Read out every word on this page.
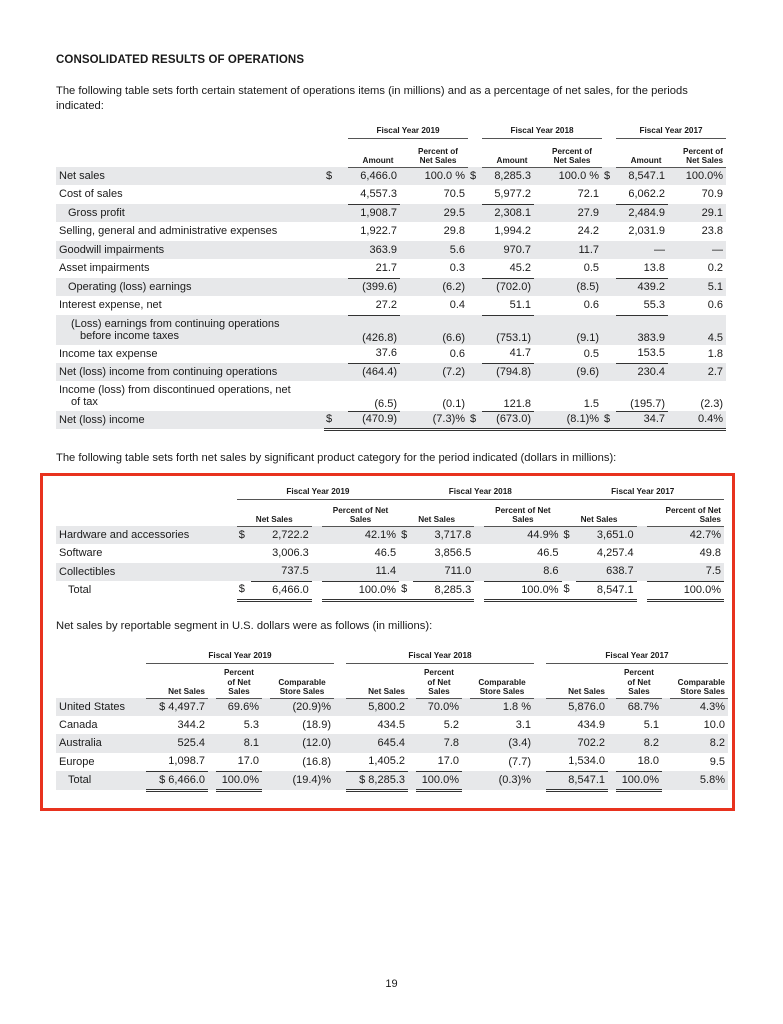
CONSOLIDATED RESULTS OF OPERATIONS
The following table sets forth certain statement of operations items (in millions) and as a percentage of net sales, for the periods indicated:
			Fiscal Year 2019				Fiscal Year 2018				Fiscal Year 2017		
			Amount		Percent of Net Sales		Amount		Percent of Net Sales		Amount		Percent of Net Sales
Net sales	$		6,466.0		100.0 %	$	8,285.3		100.0 %	$	8,547.1		100.0%
Cost of sales			4,557.3		70.5		5,977.2		72.1		6,062.2		70.9
Gross profit			1,908.7		29.5		2,308.1		27.9		2,484.9		29.1
Selling, general and administrative expenses			1,922.7		29.8		1,994.2		24.2		2,031.9		23.8
Goodwill impairments			363.9		5.6		970.7		11.7		—		—
Asset impairments			21.7		0.3		45.2		0.5		13.8		0.2
Operating (loss) earnings			(399.6)		(6.2)		(702.0)		(8.5)		439.2		5.1
Interest expense, net			27.2		0.4		51.1		0.6		55.3		0.6

(Loss) earnings from continuing operations
before income taxes			(426.8)		(6.6)		(753.1)		(9.1)		383.9		4.5
Income tax expense			37.6		0.6		41.7		0.5		153.5		1.8
Net (loss) income from continuing operations			(464.4)		(7.2)		(794.8)		(9.6)		230.4		2.7

Income (loss) from discontinued operations, net
of tax			(6.5)		(0.1)		121.8		1.5		(195.7)		(2.3)
Net (loss) income	$		(470.9)		(7.3)%	$	(673.0)		(8.1)%	$	34.7		0.4%
The following table sets forth net sales by significant product category for the period indicated (dollars in millions):
	Fiscal Year 2019				Fiscal Year 2018				Fiscal Year 2017			
	Net Sales			Percent of Net Sales	Net Sales			Percent of Net Sales	Net Sales			Percent of Net Sales
Hardware and accessories	$	2,722.2		42.1%	$	3,717.8		44.9%	$	3,651.0		42.7%
Software		3,006.3		46.5		3,856.5		46.5		4,257.4		49.8
Collectibles		737.5		11.4		711.0		8.6		638.7		7.5
Total	$	6,466.0		100.0%	$	8,285.3		100.0%	$	8,547.1		100.0%
Net sales by reportable segment in U.S. dollars were as follows (in millions):
	Fiscal Year 2019						Fiscal Year 2018						Fiscal Year 2017				
	Net Sales		Percent of Net Sales		Comparable Store Sales		Net Sales		Percent of Net Sales		Comparable Store Sales		Net Sales		Percent of Net Sales		Comparable Store Sales
United States	$ 4,497.7		69.6%		(20.9)%		5,800.2		70.0%		1.8 %		5,876.0		68.7%		4.3%
Canada	344.2		5.3		(18.9)		434.5		5.2		3.1		434.9		5.1		10.0
Australia	525.4		8.1		(12.0)		645.4		7.8		(3.4)		702.2		8.2		8.2
Europe	1,098.7		17.0		(16.8)		1,405.2		17.0		(7.7)		1,534.0		18.0		9.5
Total	$ 6,466.0		100.0%		(19.4)%		$ 8,285.3		100.0%		(0.3)%		8,547.1		100.0%		5.8%
19
